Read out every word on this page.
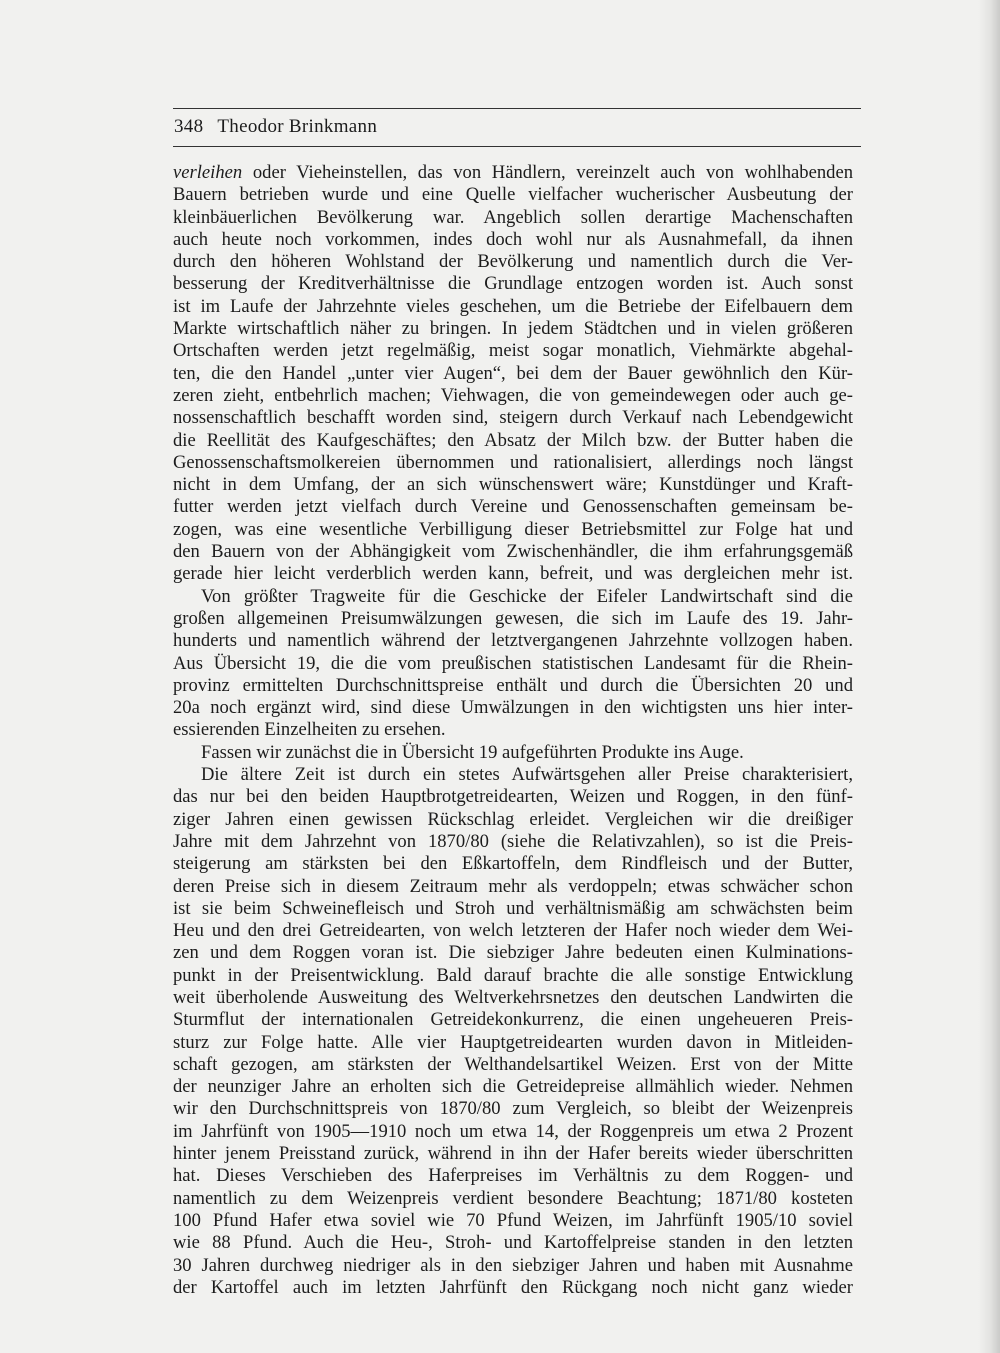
348 Theodor Brinkmann
verleihen oder Vieheinstellen, das von Händlern, vereinzelt auch von wohlhabenden
Bauern betrieben wurde und eine Quelle vielfacher wucherischer Ausbeutung der
kleinbäuerlichen Bevölkerung war. Angeblich sollen derartige Machenschaften
auch heute noch vorkommen, indes doch wohl nur als Ausnahmefall, da ihnen
durch den höheren Wohlstand der Bevölkerung und namentlich durch die Ver-
besserung der Kreditverhältnisse die Grundlage entzogen worden ist. Auch sonst
ist im Laufe der Jahrzehnte vieles geschehen, um die Betriebe der Eifelbauern dem
Markte wirtschaftlich näher zu bringen. In jedem Städtchen und in vielen größeren
Ortschaften werden jetzt regelmäßig, meist sogar monatlich, Viehmärkte abgehal-
ten, die den Handel „unter vier Augen“, bei dem der Bauer gewöhnlich den Kür-
zeren zieht, entbehrlich machen; Viehwagen, die von gemeindewegen oder auch ge-
nossenschaftlich beschafft worden sind, steigern durch Verkauf nach Lebendgewicht
die Reellität des Kaufgeschäftes; den Absatz der Milch bzw. der Butter haben die
Genossenschaftsmolkereien übernommen und rationalisiert, allerdings noch längst
nicht in dem Umfang, der an sich wünschenswert wäre; Kunstdünger und Kraft-
futter werden jetzt vielfach durch Vereine und Genossenschaften gemeinsam be-
zogen, was eine wesentliche Verbilligung dieser Betriebsmittel zur Folge hat und
den Bauern von der Abhängigkeit vom Zwischenhändler, die ihm erfahrungsgemäß
gerade hier leicht verderblich werden kann, befreit, und was dergleichen mehr ist.
Von größter Tragweite für die Geschicke der Eifeler Landwirtschaft sind die
großen allgemeinen Preisumwälzungen gewesen, die sich im Laufe des 19. Jahr-
hunderts und namentlich während der letztvergangenen Jahrzehnte vollzogen haben.
Aus Übersicht 19, die die vom preußischen statistischen Landesamt für die Rhein-
provinz ermittelten Durchschnittspreise enthält und durch die Übersichten 20 und
20a noch ergänzt wird, sind diese Umwälzungen in den wichtigsten uns hier inter-
essierenden Einzelheiten zu ersehen.
Fassen wir zunächst die in Übersicht 19 aufgeführten Produkte ins Auge.
Die ältere Zeit ist durch ein stetes Aufwärtsgehen aller Preise charakterisiert,
das nur bei den beiden Hauptbrotgetreidearten, Weizen und Roggen, in den fünf-
ziger Jahren einen gewissen Rückschlag erleidet. Vergleichen wir die dreißiger
Jahre mit dem Jahrzehnt von 1870/80 (siehe die Relativzahlen), so ist die Preis-
steigerung am stärksten bei den Eßkartoffeln, dem Rindfleisch und der Butter,
deren Preise sich in diesem Zeitraum mehr als verdoppeln; etwas schwächer schon
ist sie beim Schweinefleisch und Stroh und verhältnismäßig am schwächsten beim
Heu und den drei Getreidearten, von welch letzteren der Hafer noch wieder dem Wei-
zen und dem Roggen voran ist. Die siebziger Jahre bedeuten einen Kulminations-
punkt in der Preisentwicklung. Bald darauf brachte die alle sonstige Entwicklung
weit überholende Ausweitung des Weltverkehrsnetzes den deutschen Landwirten die
Sturmflut der internationalen Getreidekonkurrenz, die einen ungeheueren Preis-
sturz zur Folge hatte. Alle vier Hauptgetreidearten wurden davon in Mitleiden-
schaft gezogen, am stärksten der Welthandelsartikel Weizen. Erst von der Mitte
der neunziger Jahre an erholten sich die Getreidepreise allmählich wieder. Nehmen
wir den Durchschnittspreis von 1870/80 zum Vergleich, so bleibt der Weizenpreis
im Jahrfünft von 1905—1910 noch um etwa 14, der Roggenpreis um etwa 2 Prozent
hinter jenem Preisstand zurück, während in ihn der Hafer bereits wieder überschritten
hat. Dieses Verschieben des Haferpreises im Verhältnis zu dem Roggen- und
namentlich zu dem Weizenpreis verdient besondere Beachtung; 1871/80 kosteten
100 Pfund Hafer etwa soviel wie 70 Pfund Weizen, im Jahrfünft 1905/10 soviel
wie 88 Pfund. Auch die Heu-, Stroh- und Kartoffelpreise standen in den letzten
30 Jahren durchweg niedriger als in den siebziger Jahren und haben mit Ausnahme
der Kartoffel auch im letzten Jahrfünft den Rückgang noch nicht ganz wieder
